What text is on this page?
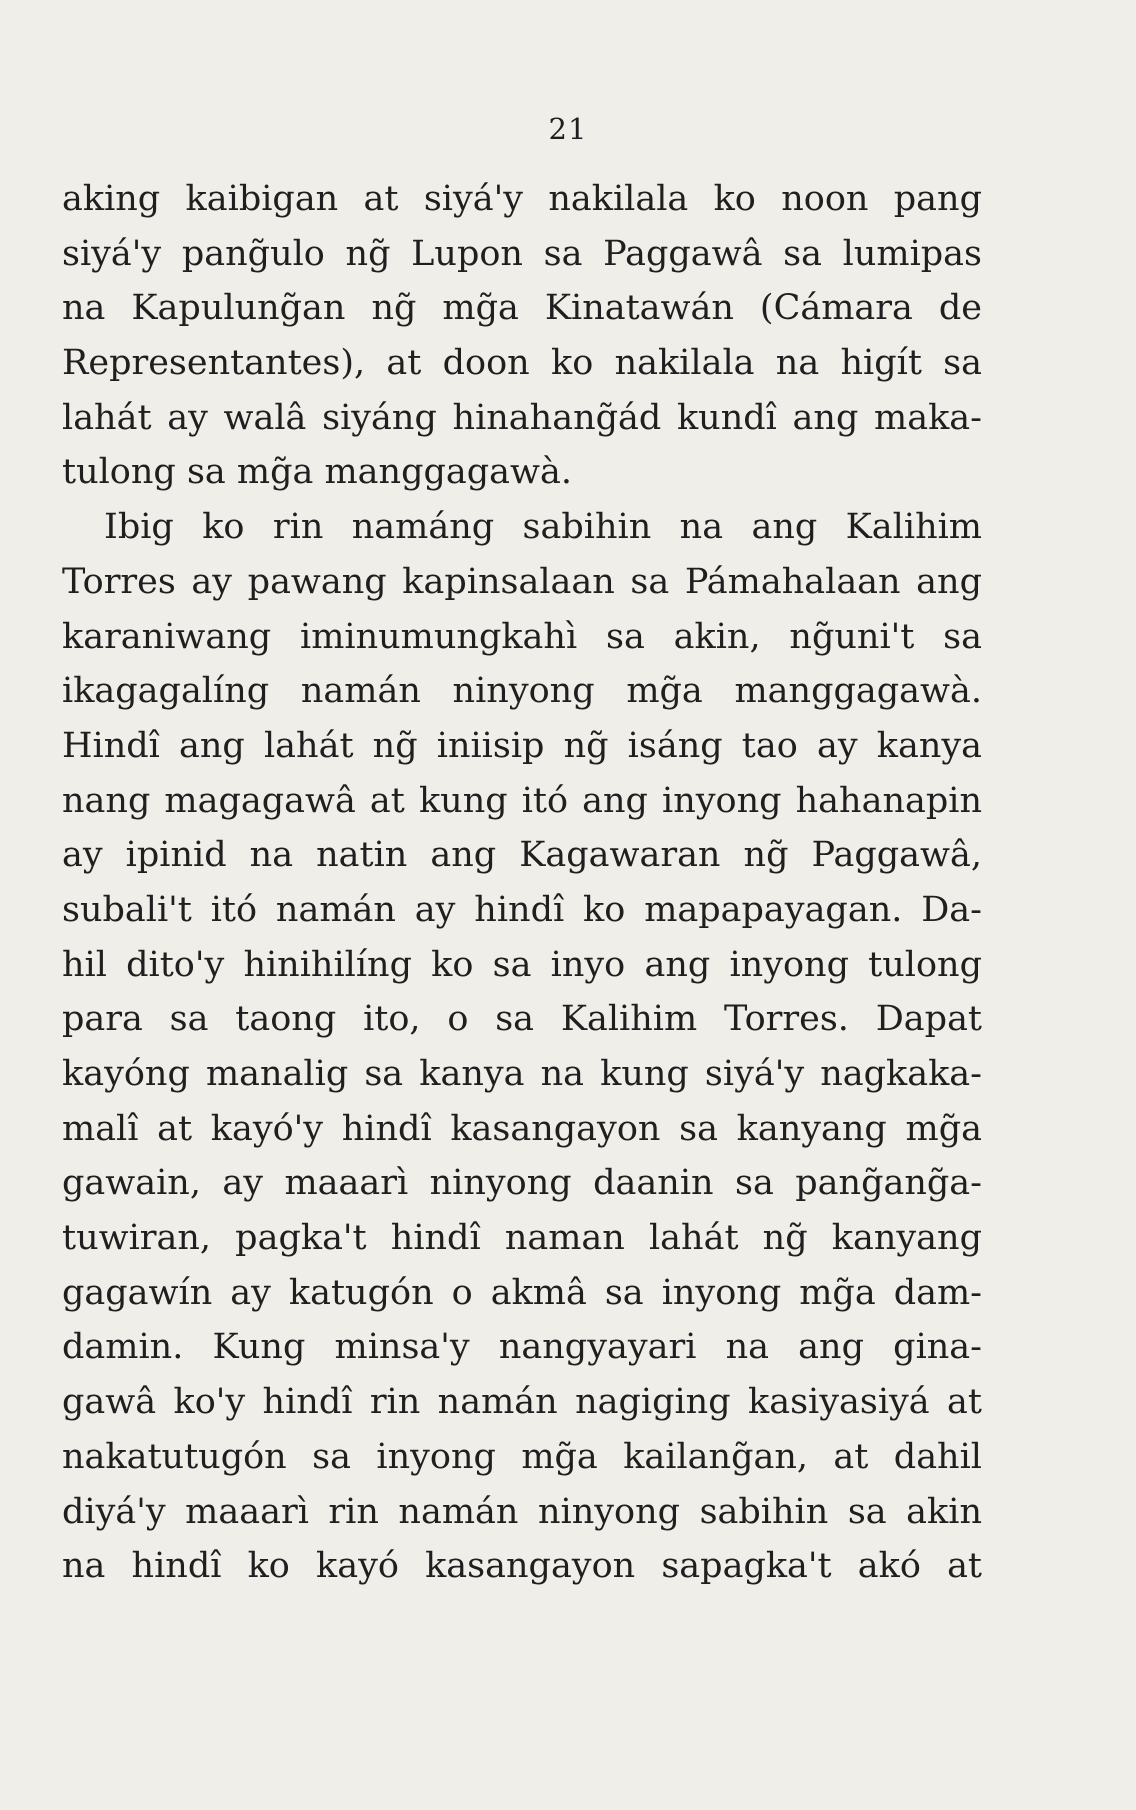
21
aking kaibigan at siyá'y nakilala ko noon pang
siyá'y pang̃ulo ng̃ Lupon sa Paggawâ sa lumipas
na Kapulung̃an ng̃ mg̃a Kinatawán (Cámara de
Representantes), at doon ko nakilala na higít sa
lahát ay walâ siyáng hinahang̃ád kundî ang maka-
tulong sa mg̃a manggagawà.
Ibig ko rin namáng sabihin na ang Kalihim
Torres ay pawang kapinsalaan sa Pámahalaan ang
karaniwang iminumungkahì sa akin, ng̃uni't sa
ikagagalíng namán ninyong mg̃a manggagawà.
Hindî ang lahát ng̃ iniisip ng̃ isáng tao ay kanya
nang magagawâ at kung itó ang inyong hahanapin
ay ipinid na natin ang Kagawaran ng̃ Paggawâ,
subali't itó namán ay hindî ko mapapayagan. Da-
hil dito'y hinihilíng ko sa inyo ang inyong tulong
para sa taong ito, o sa Kalihim Torres. Dapat
kayóng manalig sa kanya na kung siyá'y nagkaka-
malî at kayó'y hindî kasangayon sa kanyang mg̃a
gawain, ay maaarì ninyong daanin sa pang̃ang̃a-
tuwiran, pagka't hindî naman lahát ng̃ kanyang
gagawín ay katugón o akmâ sa inyong mg̃a dam-
damin. Kung minsa'y nangyayari na ang gina-
gawâ ko'y hindî rin namán nagiging kasiyasiyá at
nakatutugón sa inyong mg̃a kailang̃an, at dahil
diyá'y maaarì rin namán ninyong sabihin sa akin
na hindî ko kayó kasangayon sapagka't akó at
